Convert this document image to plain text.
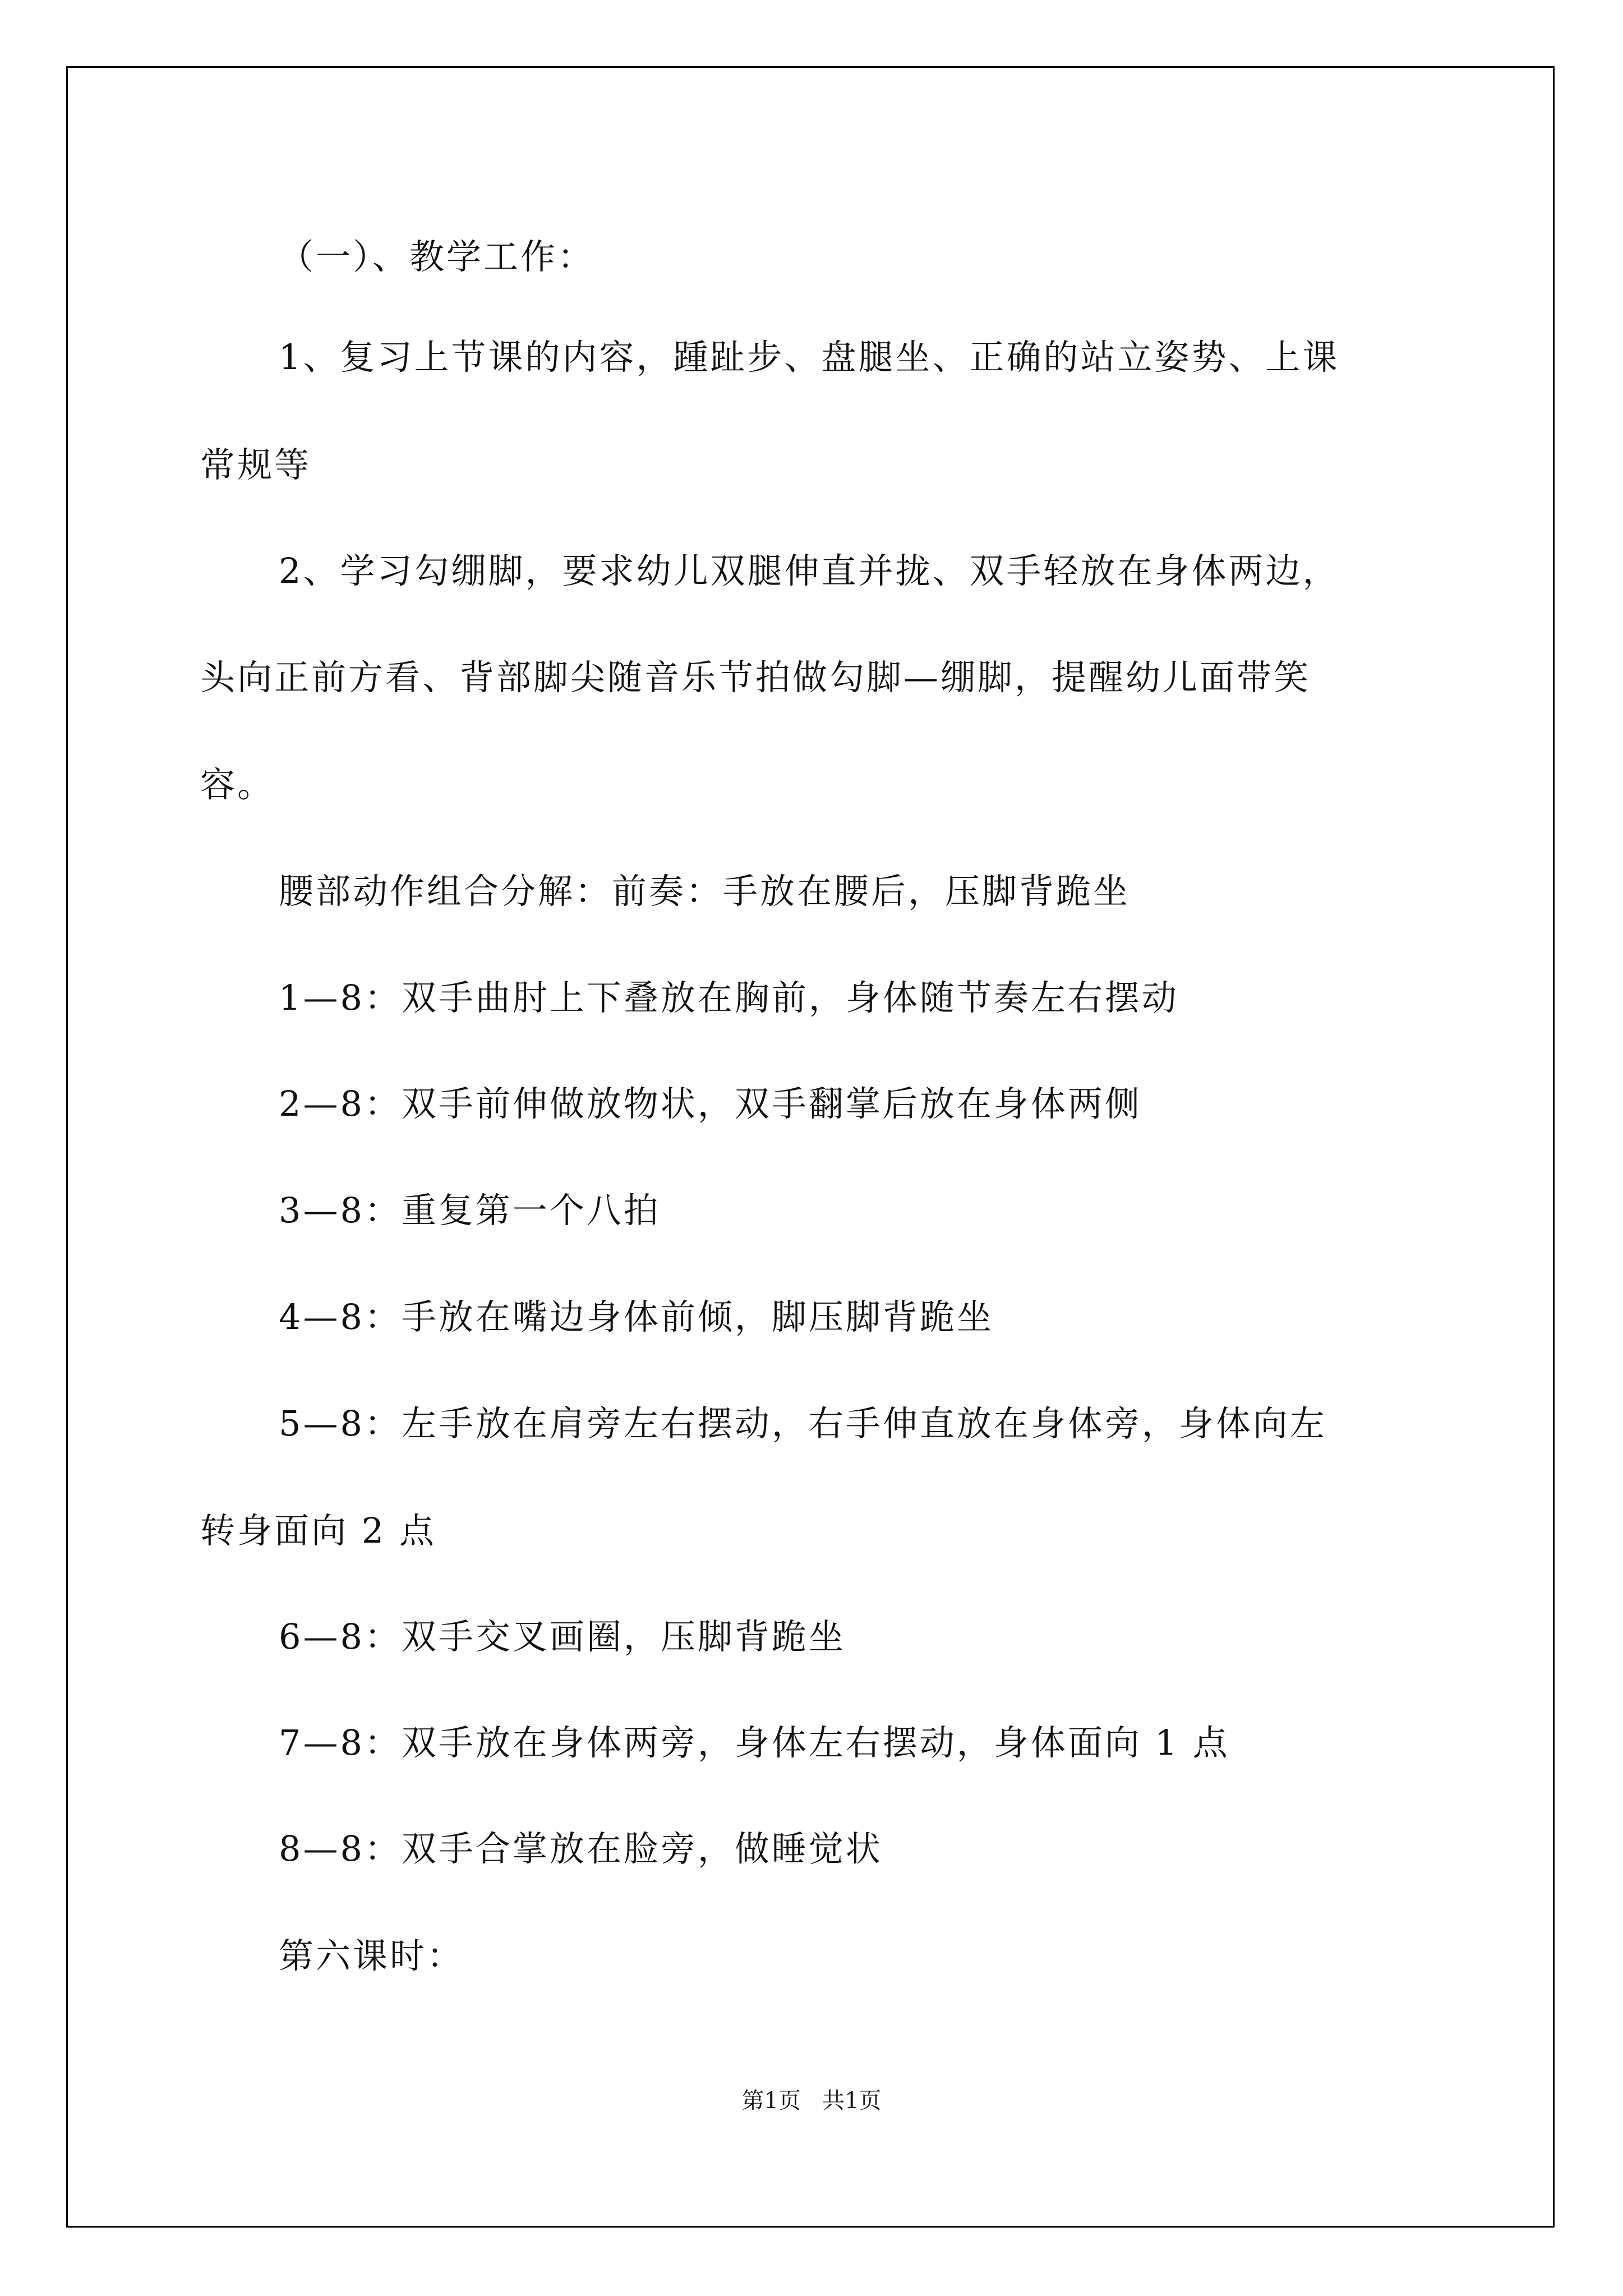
（一）、教学工作：
1、复习上节课的内容，踵趾步、盘腿坐、正确的站立姿势、上课
常规等
2、学习勾绷脚，要求幼儿双腿伸直并拢、双手轻放在身体两边，
头向正前方看、背部脚尖随音乐节拍做勾脚—绷脚，提醒幼儿面带笑
容。
腰部动作组合分解：前奏：手放在腰后，压脚背跪坐
1—8：双手曲肘上下叠放在胸前，身体随节奏左右摆动
2—8：双手前伸做放物状，双手翻掌后放在身体两侧
3—8：重复第一个八拍
4—8：手放在嘴边身体前倾，脚压脚背跪坐
5—8：左手放在肩旁左右摆动，右手伸直放在身体旁，身体向左
转身面向 2 点
6—8：双手交叉画圈，压脚背跪坐
7—8：双手放在身体两旁，身体左右摆动，身体面向 1 点
8—8：双手合掌放在脸旁，做睡觉状
第六课时：
第1页   共1页
